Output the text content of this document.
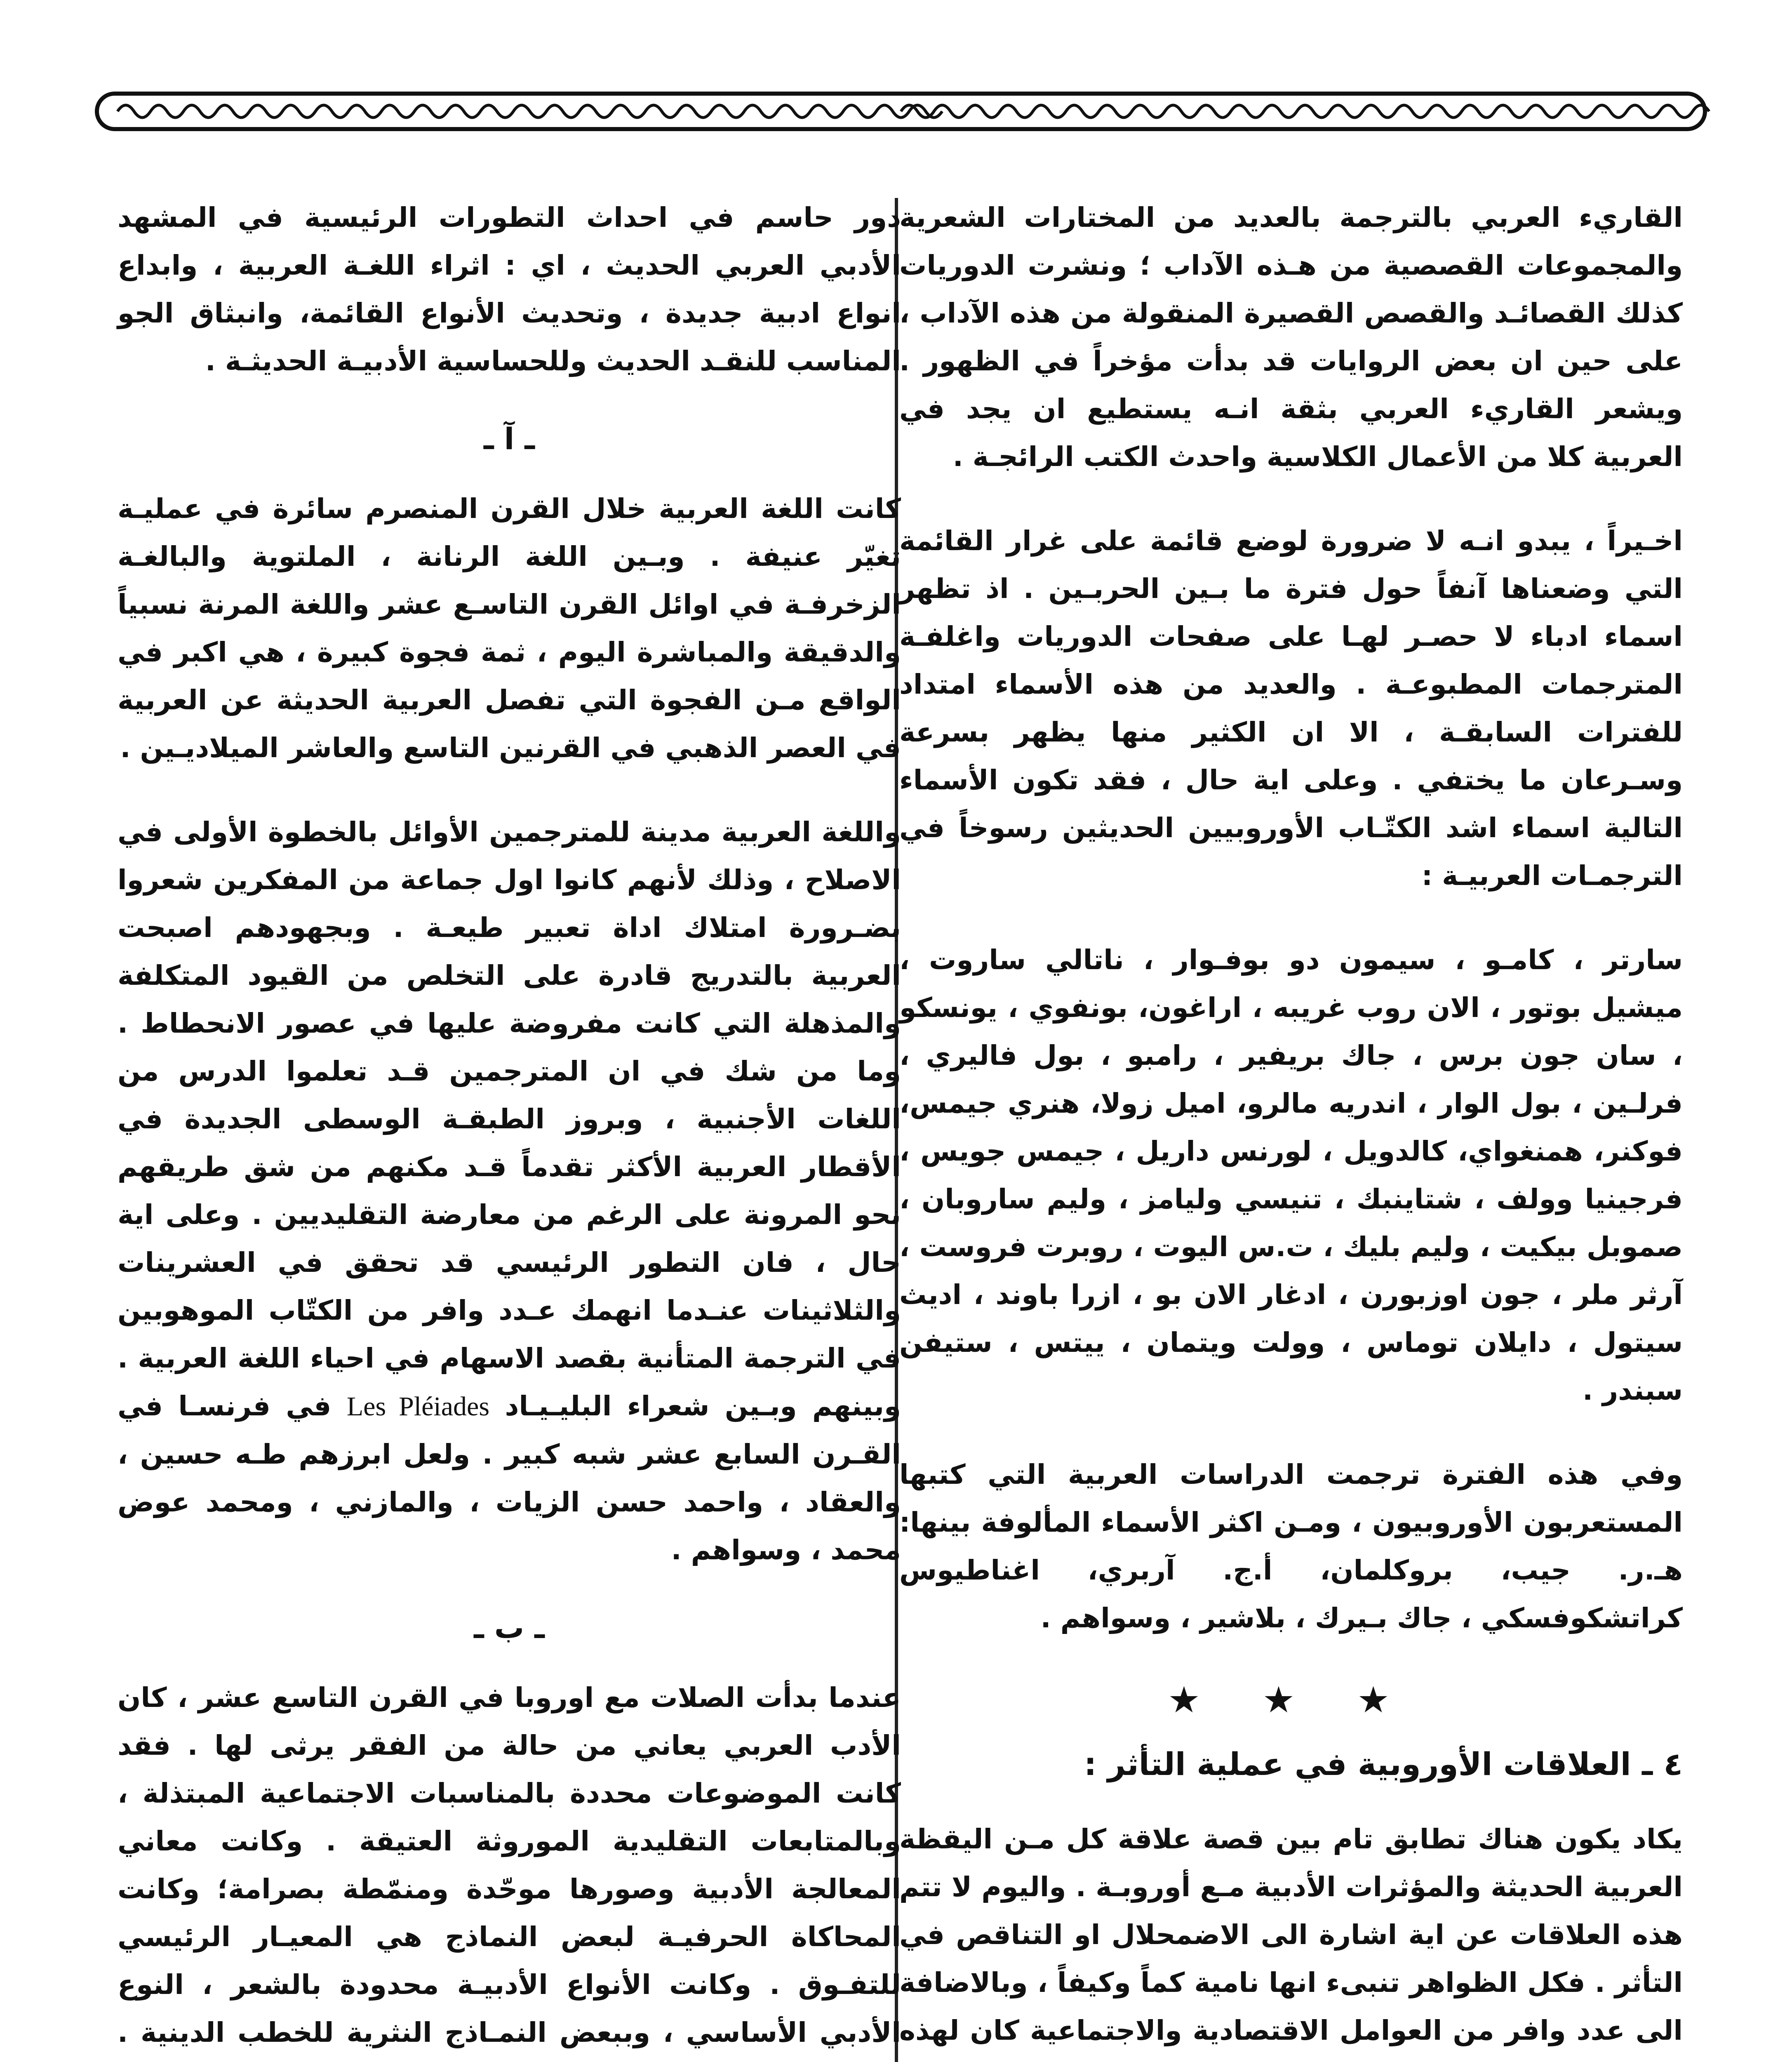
القاريء العربي بالترجمة بالعديد من المختارات الشعرية والمجموعات القصصية من هـذه الآداب ؛ ونشرت الدوريات كذلك القصائـد والقصص القصيرة المنقولة من هذه الآداب ، على حين ان بعض الروايات قد بدأت مؤخراً في الظهور . ويشعر القاريء العربي بثقة انـه يستطيع ان يجد في العربية كلا من الأعمال الكلاسية واحدث الكتب الرائجـة .

اخـيراً ، يبدو انـه لا ضرورة لوضع قائمة على غرار القائمة التي وضعناها آنفاً حول فترة ما بـين الحربـين . اذ تظهر اسماء ادباء لا حصـر لهـا على صفحات الدوريات واغلفـة المترجمات المطبوعـة . والعديد من هذه الأسماء امتداد للفترات السابقـة ، الا ان الكثير منها يظهر بسرعة وسـرعان ما يختفي . وعلى اية حال ، فقد تكون الأسماء التالية اسماء اشد الكتّـاب الأوروبيين الحديثين رسوخاً في الترجمـات العربيـة :

سارتر ، كامـو ، سيمون دو بوفـوار ، ناتالي ساروت ، ميشيل بوتور ، الان روب غريبه ، اراغون، بونفوي ، يونسكو ، سان جون برس ، جاك بريفير ، رامبو ، بول فاليري ، فرلـين ، بول الوار ، اندريه مالرو، اميل زولا، هنري جيمس، فوكنر، همنغواي، كالدويل ، لورنس داريل ، جيمس جويس ، فرجينيا وولف ، شتاينبك ، تنيسي وليامز ، وليم ساروبان ، صموبل بيكيت ، وليم بليك ، ت.س اليوت ، روبرت فروست ، آرثر ملر ، جون اوزبورن ، ادغار الان بو ، ازرا باوند ، اديث سيتول ، دايلان توماس ، وولت ويتمان ، ييتس ، ستيفن سبندر .

وفي هذه الفترة ترجمت الدراسات العربية التي كتبها المستعربون الأوروبيون ، ومـن اكثر الأسماء المألوفة بينها: هـ.ر. جيب، بروكلمان، أ.ج. آربري، اغناطيوس كراتشكوفسكي ، جاك بـيرك ، بلاشير ، وسواهم .

★ ★ ★
٤ ـ العلاقات الأوروبية في عملية التأثر :

يكاد يكون هناك تطابق تام بين قصة علاقة كل مـن اليقظة العربية الحديثة والمؤثرات الأدبية مـع أوروبـة . واليوم لا تتم هذه العلاقات عن اية اشارة الى الاضمحلال او التناقص في التأثر . فكل الظواهر تنبىء انها نامية كماً وكيفاً ، وبالاضافة الى عدد وافر من العوامل الاقتصادية والاجتماعية كان لهذه

دور حاسم في احداث التطورات الرئيسية في المشهد الأدبي العربي الحديث ، اي : اثراء اللغـة العربية ، وابداع انواع ادبية جديدة ، وتحديث الأنواع القائمة، وانبثاق الجو المناسب للنقـد الحديث وللحساسية الأدبيـة الحديثـة .

ـ آ ـ

كانت اللغة العربية خلال القرن المنصرم سائرة في عمليـة تغيّر عنيفة . وبـين اللغة الرنانة ، الملتوية والبالغـة الزخرفـة في اوائل القرن التاسـع عشر واللغة المرنة نسبياً والدقيقة والمباشرة اليوم ، ثمة فجوة كبيرة ، هي اكبر في الواقع مـن الفجوة التي تفصل العربية الحديثة عن العربية في العصر الذهبي في القرنين التاسع والعاشر الميلاديـين .

واللغة العربية مدينة للمترجمين الأوائل بالخطوة الأولى في الاصلاح ، وذلك لأنهم كانوا اول جماعة من المفكرين شعروا بضـرورة امتلاك اداة تعبير طيعـة . وبجهودهم اصبحت العربية بالتدريج قادرة على التخلص من القيود المتكلفة والمذهلة التي كانت مفروضة عليها في عصور الانحطاط . وما من شك في ان المترجمين قـد تعلموا الدرس من اللغات الأجنبية ، وبروز الطبقـة الوسطى الجديدة في الأقطار العربية الأكثر تقدماً قـد مكنهم من شق طريقهم نحو المرونة على الرغم من معارضة التقليديين . وعلى اية حال ، فان التطور الرئيسي قد تحقق في العشرينات والثلاثينات عنـدما انهمك عـدد وافر من الكتّاب الموهوبين في الترجمة المتأنية بقصد الاسهام في احياء اللغة العربية . وبينهم وبـين شعراء البليـيـاد Les Pléiades في فرنسـا في القـرن السابع عشر شبه كبير . ولعل ابرزهم طـه حسين ، والعقاد ، واحمد حسن الزيات ، والمازني ، ومحمد عوض محمد ، وسواهم .

ـ ب ـ

عندما بدأت الصلات مع اوروبا في القرن التاسع عشر ، كان الأدب العربي يعاني من حالة من الفقر يرثى لها . فقد كانت الموضوعات محددة بالمناسبات الاجتماعية المبتذلة ، وبالمتابعات التقليدية الموروثة العتيقة . وكانت معاني المعالجة الأدبية وصورها موحّدة ومنمّطة بصرامة؛ وكانت المحاكاة الحرفيـة لبعض النماذج هي المعيـار الرئيسي للتفـوق . وكانت الأنواع الأدبيـة محدودة بالشعر ، النوع الأدبي الأساسي ، وببعض النمـاذج النثرية للخطب الدينية .
